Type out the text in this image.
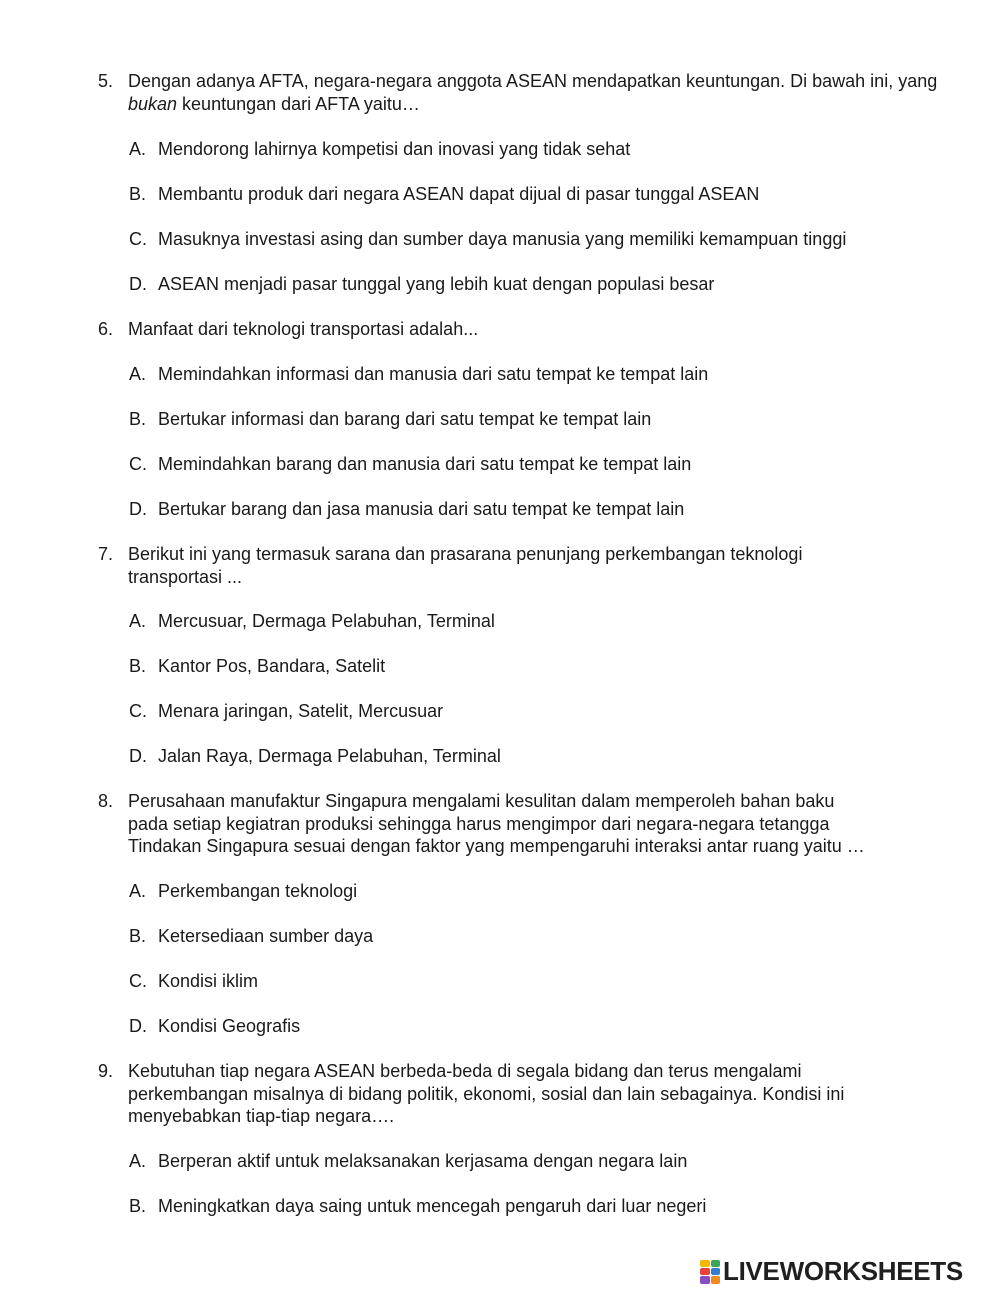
5. Dengan adanya AFTA, negara-negara anggota ASEAN mendapatkan keuntungan. Di bawah ini, yang bukan keuntungan dari AFTA yaitu…
A. Mendorong lahirnya kompetisi dan inovasi yang tidak sehat
B. Membantu produk dari negara ASEAN dapat dijual di pasar tunggal ASEAN
C. Masuknya investasi asing dan sumber daya manusia yang memiliki kemampuan tinggi
D. ASEAN menjadi pasar tunggal yang lebih kuat dengan populasi besar
6. Manfaat dari teknologi transportasi adalah...
A. Memindahkan informasi dan manusia dari satu tempat ke tempat lain
B. Bertukar informasi dan barang dari satu tempat ke tempat lain
C. Memindahkan barang dan manusia dari satu tempat ke tempat lain
D. Bertukar barang dan jasa manusia dari satu tempat ke tempat lain
7. Berikut ini yang termasuk sarana dan prasarana penunjang perkembangan teknologi transportasi ...
A. Mercusuar, Dermaga Pelabuhan, Terminal
B. Kantor Pos, Bandara, Satelit
C. Menara jaringan, Satelit, Mercusuar
D. Jalan Raya, Dermaga Pelabuhan, Terminal
8. Perusahaan manufaktur Singapura mengalami kesulitan dalam memperoleh bahan baku
pada setiap kegiatran produksi sehingga harus mengimpor dari negara-negara tetangga
Tindakan Singapura sesuai dengan faktor yang mempengaruhi interaksi antar ruang yaitu …
A. Perkembangan teknologi
B. Ketersediaan sumber daya
C. Kondisi iklim
D. Kondisi Geografis
9. Kebutuhan tiap negara ASEAN berbeda-beda di segala bidang dan terus mengalami
perkembangan misalnya di bidang politik, ekonomi, sosial dan lain sebagainya. Kondisi ini
menyebabkan tiap-tiap negara….
A. Berperan aktif untuk melaksanakan kerjasama dengan negara lain
B. Meningkatkan daya saing untuk mencegah pengaruh dari luar negeri
LIVEWORKSHEETS
